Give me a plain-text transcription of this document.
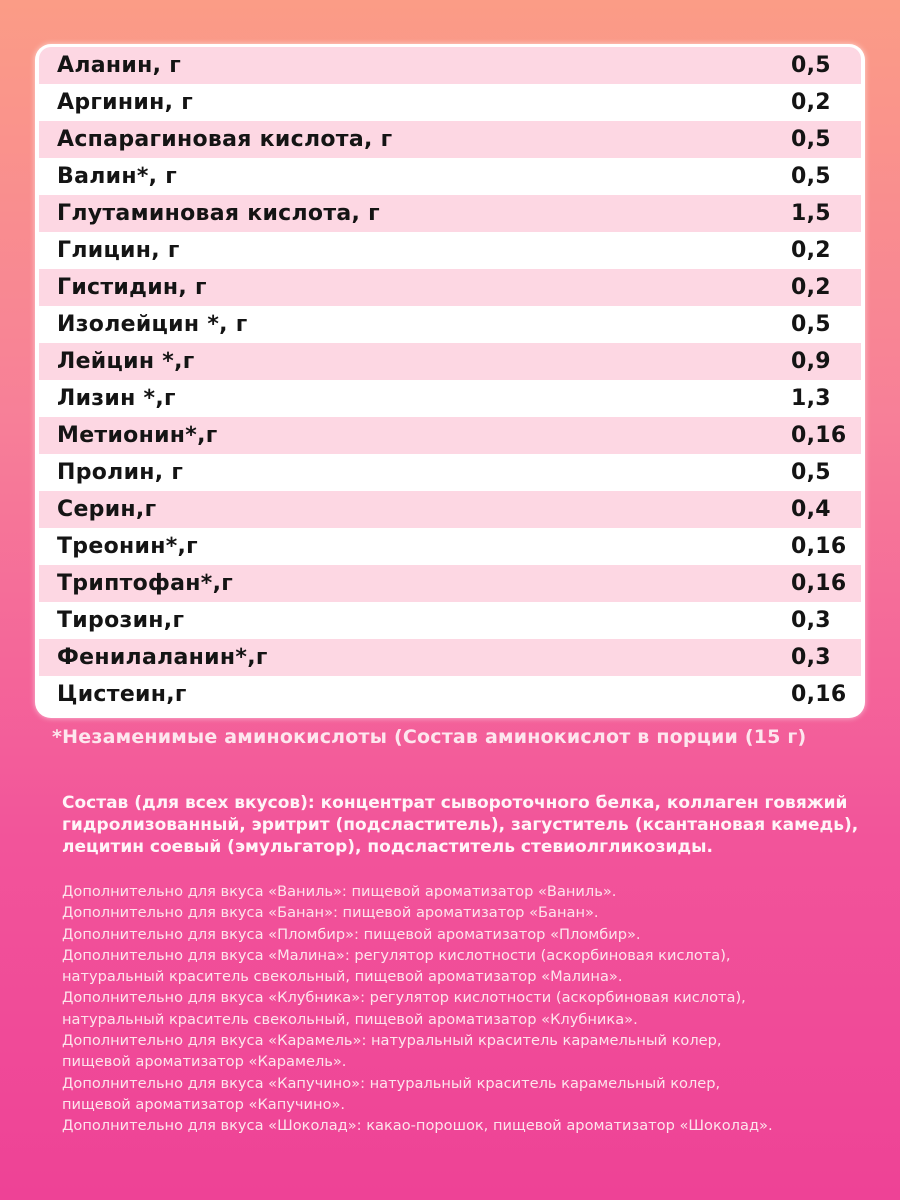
Аланин, г	0,5
Аргинин, г	0,2
Аспарагиновая кислота, г	0,5
Валин*, г	0,5
Глутаминовая кислота, г	1,5
Глицин, г	0,2
Гистидин, г	0,2
Изолейцин *, г	0,5
Лейцин *,г	0,9
Лизин *,г	1,3
Метионин*,г	0,16
Пролин, г	0,5
Серин,г	0,4
Треонин*,г	0,16
Триптофан*,г	0,16
Тирозин,г	0,3
Фенилаланин*,г	0,3
Цистеин,г	0,16
*Незаменимые аминокислоты (Состав аминокислот в порции (15 г)
Состав (для всех вкусов): концентрат сывороточного белка, коллаген говяжий
гидролизованный, эритрит (подсластитель), загуститель (ксантановая камедь),
лецитин соевый (эмульгатор), подсластитель стевиолгликозиды.
Дополнительно для вкуса «Ваниль»: пищевой ароматизатор «Ваниль».
Дополнительно для вкуса «Банан»: пищевой ароматизатор «Банан».
Дополнительно для вкуса «Пломбир»: пищевой ароматизатор «Пломбир».
Дополнительно для вкуса «Малина»: регулятор кислотности (аскорбиновая кислота),
натуральный краситель свекольный, пищевой ароматизатор «Малина».
Дополнительно для вкуса «Клубника»: регулятор кислотности (аскорбиновая кислота),
натуральный краситель свекольный, пищевой ароматизатор «Клубника».
Дополнительно для вкуса «Карамель»: натуральный краситель карамельный колер,
пищевой ароматизатор «Карамель».
Дополнительно для вкуса «Капучино»: натуральный краситель карамельный колер,
пищевой ароматизатор «Капучино».
Дополнительно для вкуса «Шоколад»: какао-порошок, пищевой ароматизатор «Шоколад».
